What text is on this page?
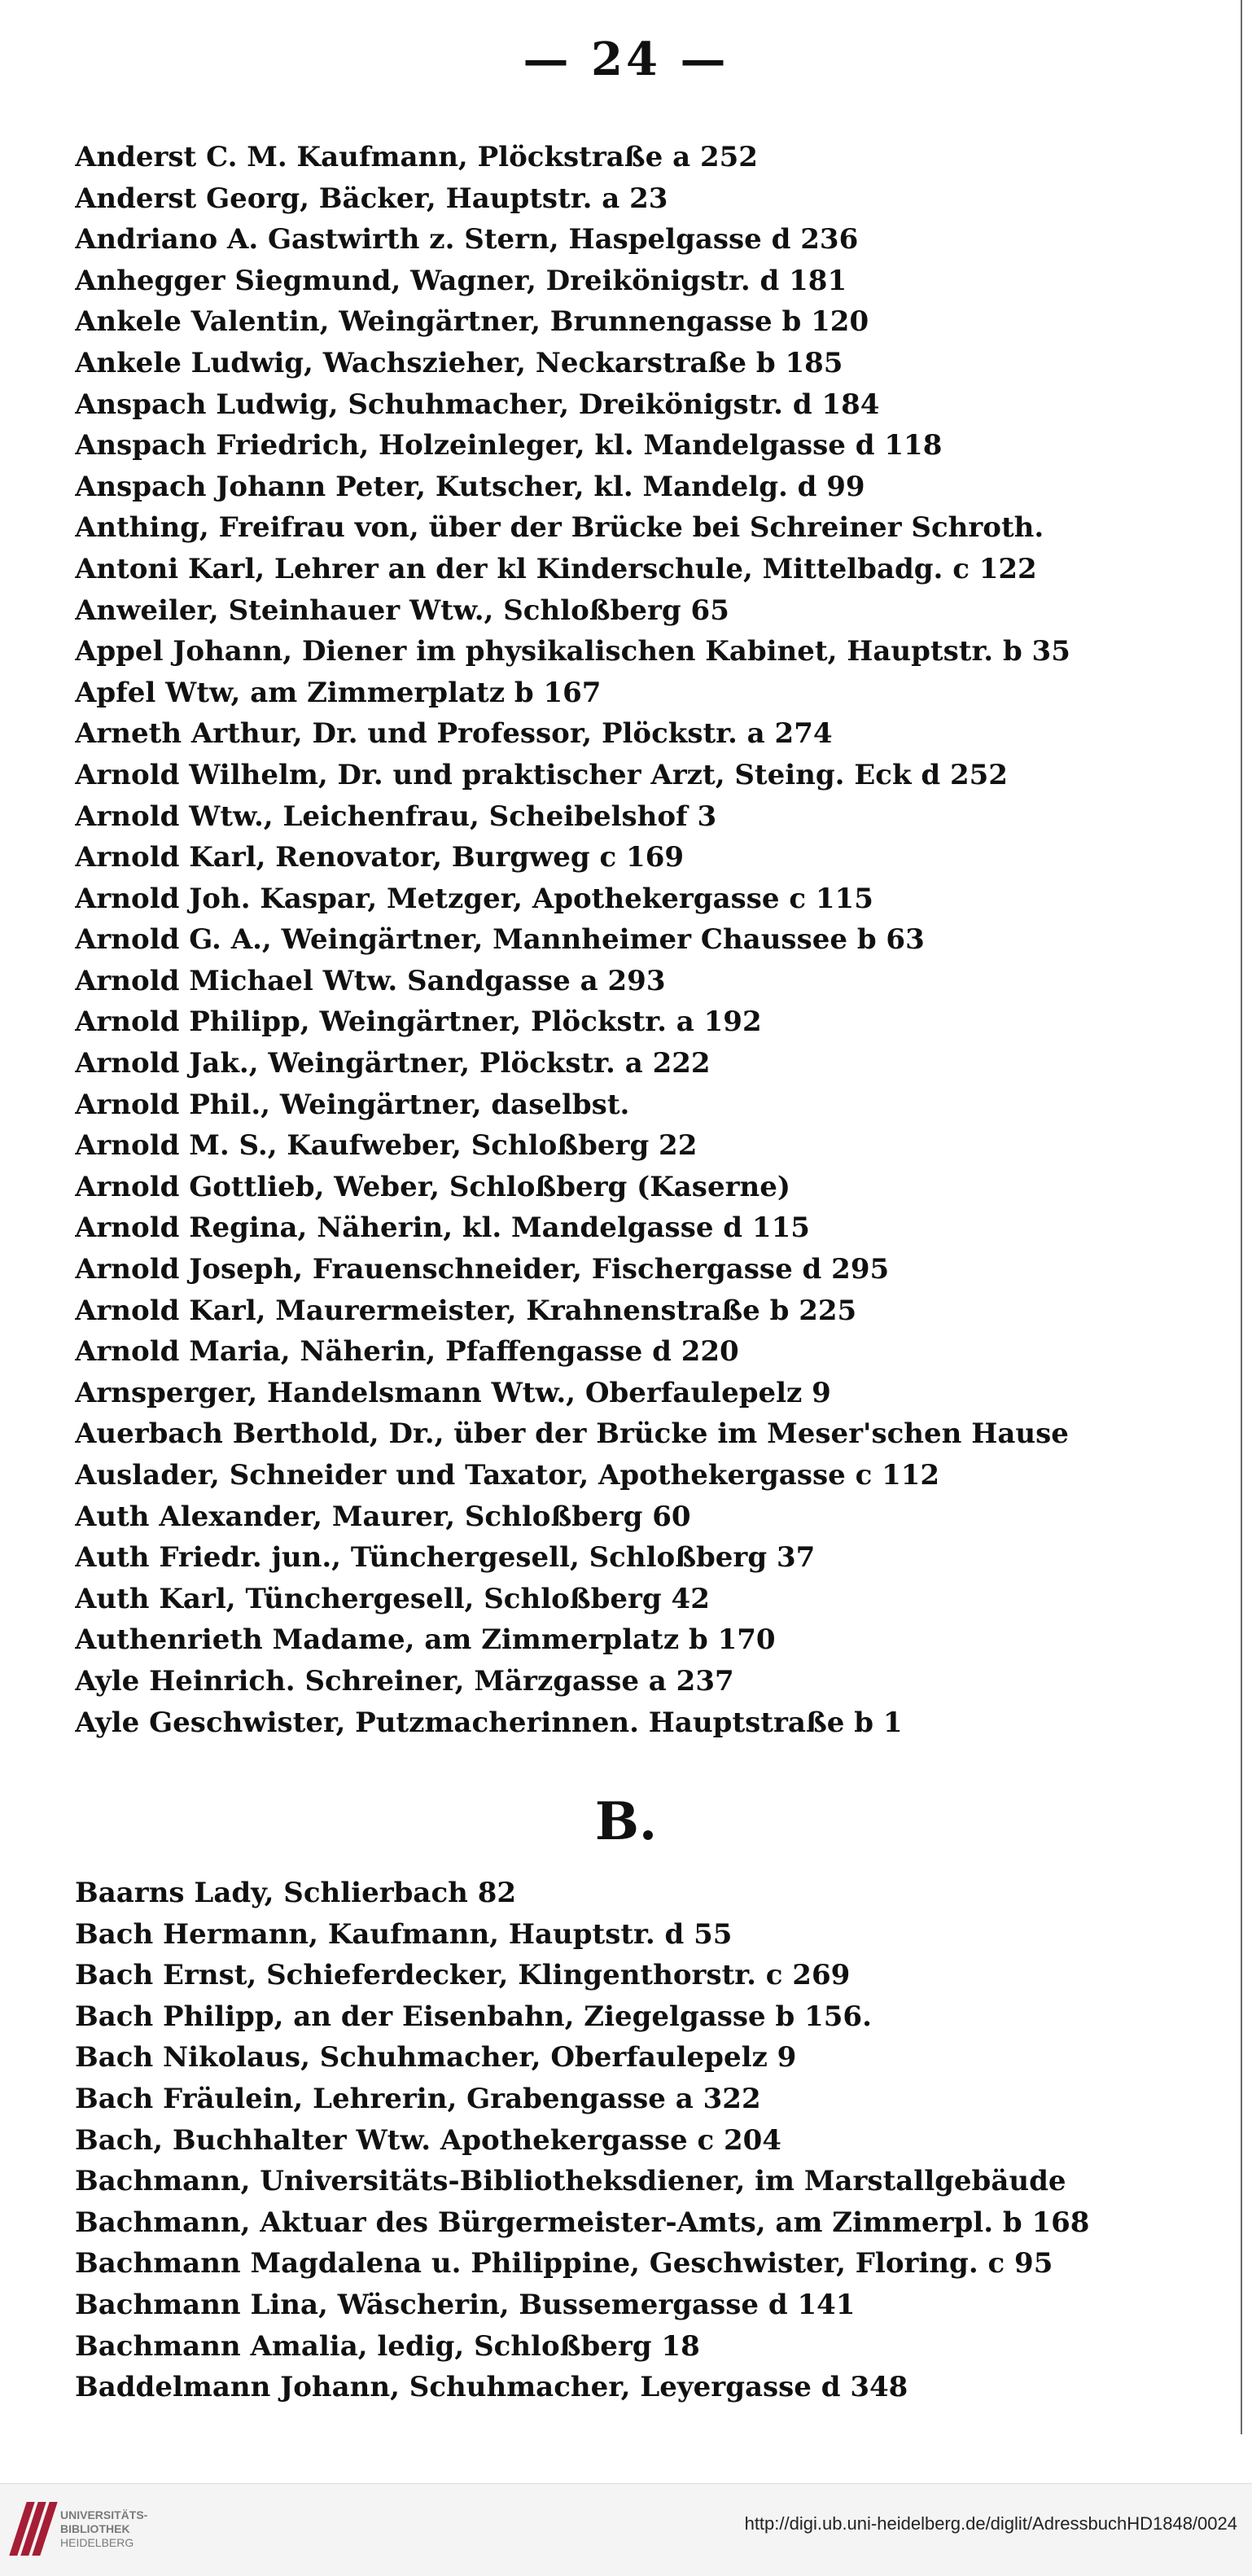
— 24 —
Anderst C. M. Kaufmann, Plöckstraße a 252
Anderst Georg, Bäcker, Hauptstr. a 23
Andriano A. Gastwirth z. Stern, Haspelgasse d 236
Anhegger Siegmund, Wagner, Dreikönigstr. d 181
Ankele Valentin, Weingärtner, Brunnengasse b 120
Ankele Ludwig, Wachszieher, Neckarstraße b 185
Anspach Ludwig, Schuhmacher, Dreikönigstr. d 184
Anspach Friedrich, Holzeinleger, kl. Mandelgasse d 118
Anspach Johann Peter, Kutscher, kl. Mandelg. d 99
Anthing, Freifrau von, über der Brücke bei Schreiner Schroth.
Antoni Karl, Lehrer an der kl Kinderschule, Mittelbadg. c 122
Anweiler, Steinhauer Wtw., Schloßberg 65
Appel Johann, Diener im physikalischen Kabinet, Hauptstr. b 35
Apfel Wtw, am Zimmerplatz b 167
Arneth Arthur, Dr. und Professor, Plöckstr. a 274
Arnold Wilhelm, Dr. und praktischer Arzt, Steing. Eck d 252
Arnold Wtw., Leichenfrau, Scheibelshof 3
Arnold Karl, Renovator, Burgweg c 169
Arnold Joh. Kaspar, Metzger, Apothekergasse c 115
Arnold G. A., Weingärtner, Mannheimer Chaussee b 63
Arnold Michael Wtw. Sandgasse a 293
Arnold Philipp, Weingärtner, Plöckstr. a 192
Arnold Jak., Weingärtner, Plöckstr. a 222
Arnold Phil., Weingärtner, daselbst.
Arnold M. S., Kaufweber, Schloßberg 22
Arnold Gottlieb, Weber, Schloßberg (Kaserne)
Arnold Regina, Näherin, kl. Mandelgasse d 115
Arnold Joseph, Frauenschneider, Fischergasse d 295
Arnold Karl, Maurermeister, Krahnenstraße b 225
Arnold Maria, Näherin, Pfaffengasse d 220
Arnsperger, Handelsmann Wtw., Oberfaulepelz 9
Auerbach Berthold, Dr., über der Brücke im Meser'schen Hause
Auslader, Schneider und Taxator, Apothekergasse c 112
Auth Alexander, Maurer, Schloßberg 60
Auth Friedr. jun., Tünchergesell, Schloßberg 37
Auth Karl, Tünchergesell, Schloßberg 42
Authenrieth Madame, am Zimmerplatz b 170
Ayle Heinrich. Schreiner, Märzgasse a 237
Ayle Geschwister, Putzmacherinnen. Hauptstraße b 1
B.
Baarns Lady, Schlierbach 82
Bach Hermann, Kaufmann, Hauptstr. d 55
Bach Ernst, Schieferdecker, Klingenthorstr. c 269
Bach Philipp, an der Eisenbahn, Ziegelgasse b 156.
Bach Nikolaus, Schuhmacher, Oberfaulepelz 9
Bach Fräulein, Lehrerin, Grabengasse a 322
Bach, Buchhalter Wtw. Apothekergasse c 204
Bachmann, Universitäts-Bibliotheksdiener, im Marstallgebäude
Bachmann, Aktuar des Bürgermeister-Amts, am Zimmerpl. b 168
Bachmann Magdalena u. Philippine, Geschwister, Floring. c 95
Bachmann Lina, Wäscherin, Bussemergasse d 141
Bachmann Amalia, ledig, Schloßberg 18
Baddelmann Johann, Schuhmacher, Leyergasse d 348
UNIVERSITÄTS-
BIBLIOTHEK
HEIDELBERG
http://digi.ub.uni-heidelberg.de/diglit/AdressbuchHD1848/0024
